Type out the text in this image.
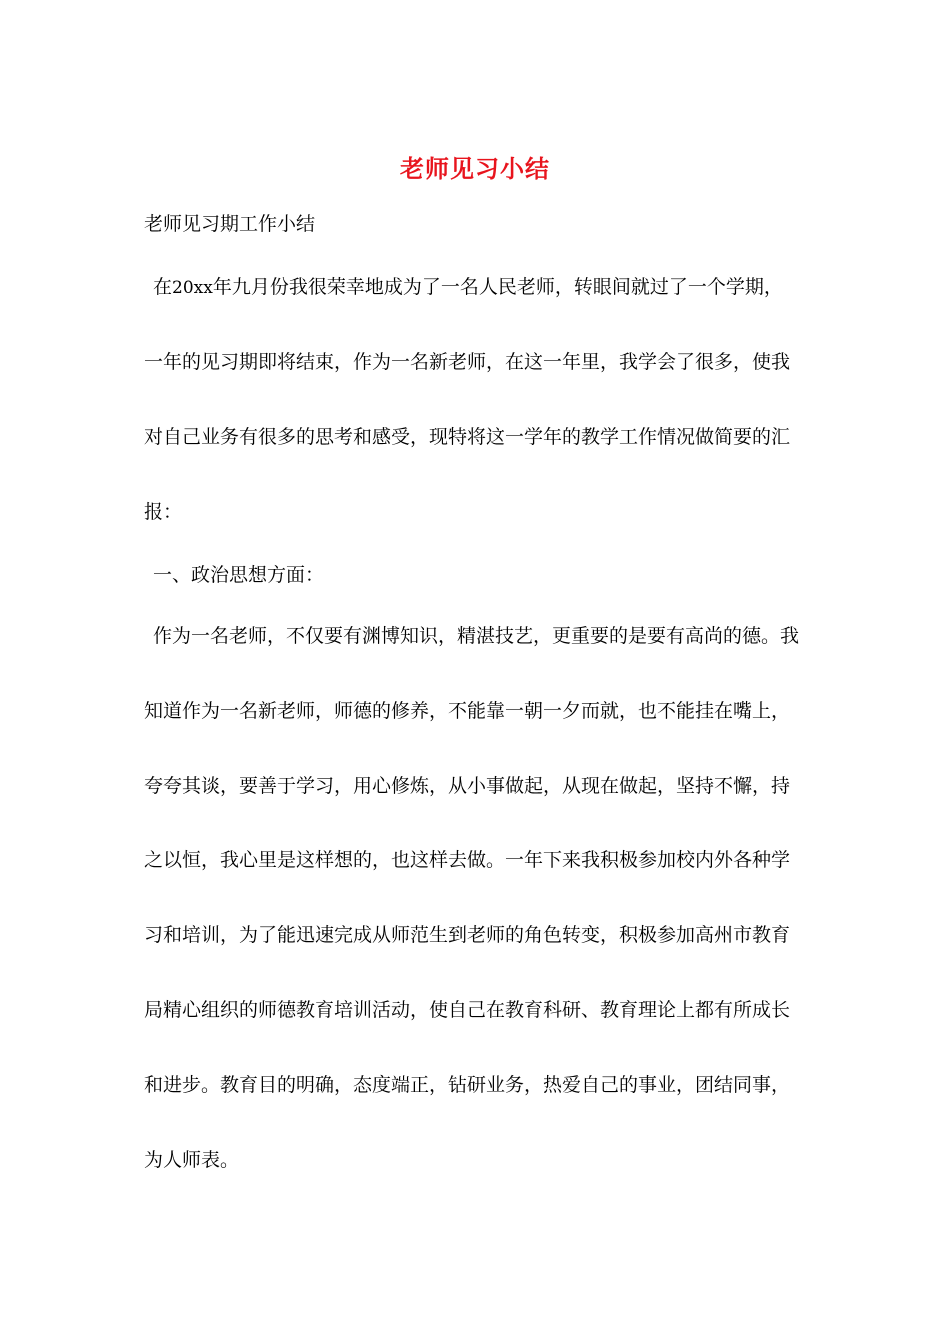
老师见习小结
老师见习期工作小结
在20xx年九月份我很荣幸地成为了一名人民老师，转眼间就过了一个学期，
一年的见习期即将结束，作为一名新老师，在这一年里，我学会了很多，使我
对自己业务有很多的思考和感受，现特将这一学年的教学工作情况做简要的汇
报：
一、政治思想方面：
作为一名老师，不仅要有渊博知识，精湛技艺，更重要的是要有高尚的德。我
知道作为一名新老师，师德的修养，不能靠一朝一夕而就，也不能挂在嘴上，
夸夸其谈，要善于学习，用心修炼，从小事做起，从现在做起，坚持不懈，持
之以恒，我心里是这样想的，也这样去做。一年下来我积极参加校内外各种学
习和培训，为了能迅速完成从师范生到老师的角色转变，积极参加高州市教育
局精心组织的师德教育培训活动，使自己在教育科研、教育理论上都有所成长
和进步。教育目的明确，态度端正，钻研业务，热爱自己的事业，团结同事，
为人师表。
